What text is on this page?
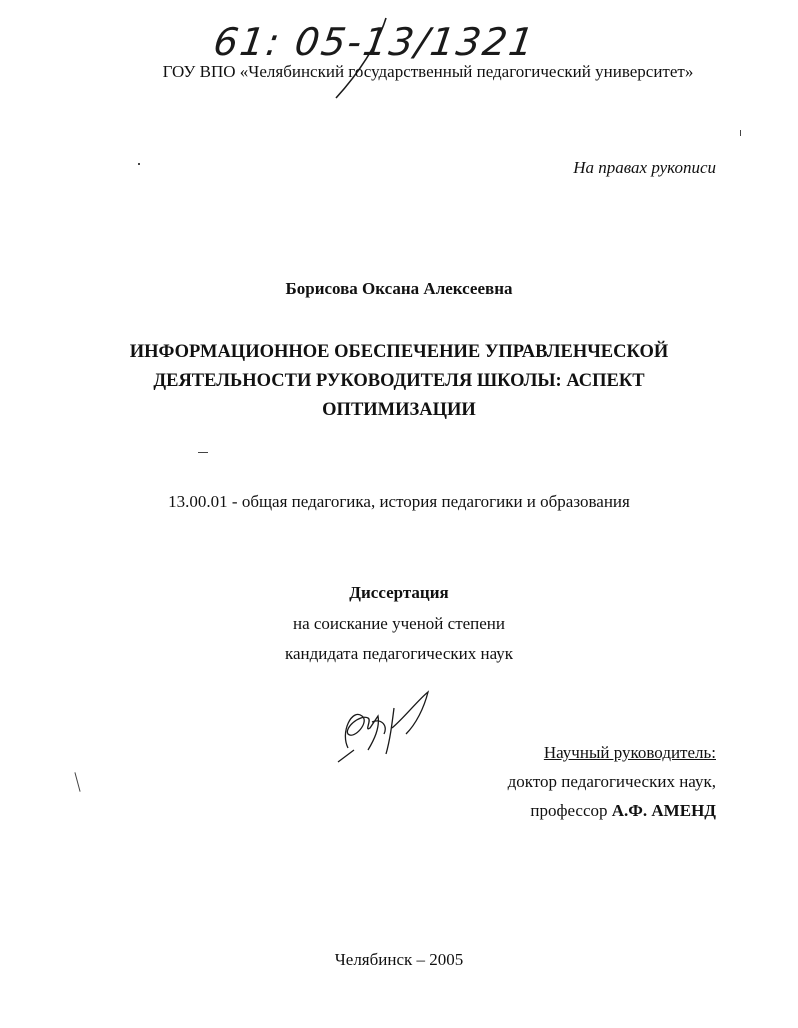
61: 05-13/1321
ГОУ ВПО «Челябинский государственный педагогический университет»
На правах рукописи
Борисова Оксана Алексеевна
ИНФОРМАЦИОННОЕ ОБЕСПЕЧЕНИЕ УПРАВЛЕНЧЕСКОЙ
ДЕЯТЕЛЬНОСТИ РУКОВОДИТЕЛЯ ШКОЛЫ: АСПЕКТ
ОПТИМИЗАЦИИ
13.00.01 - общая педагогика, история педагогики и образования
Диссертация
на соискание ученой степени
кандидата педагогических наук
Научный руководитель:
доктор педагогических наук,
профессор А.Ф. АМЕНД
Челябинск – 2005
